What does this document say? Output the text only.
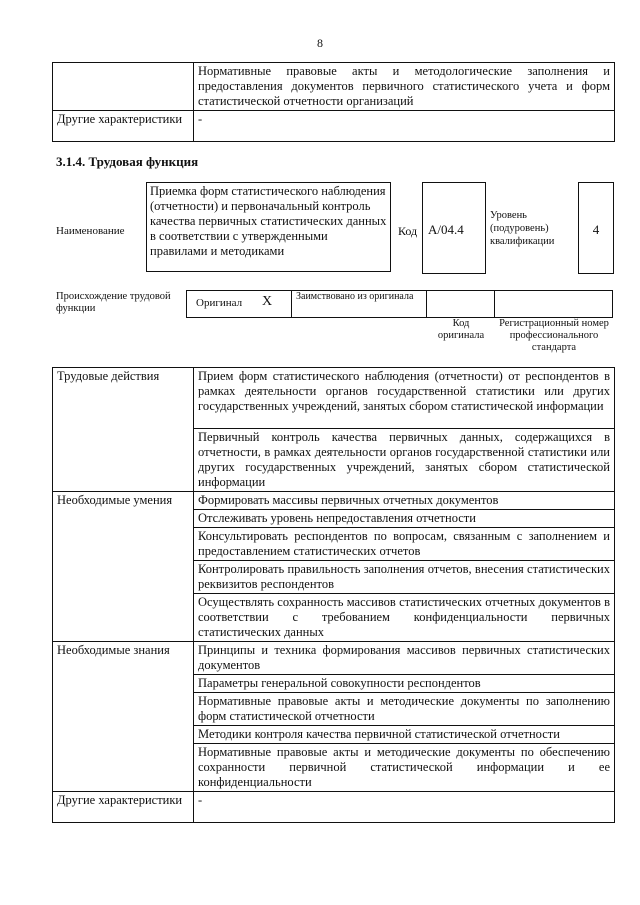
8
	Нормативные правовые акты и методологические заполнения и предоставления документов первичного статистического учета и форм статистической отчетности организаций
Другие характеристики	-
3.1.4. Трудовая функция
Наименование
Приемка форм статистического наблюдения (отчетности) и первоначальный контроль качества первичных статистических данных в соответствии с утвержденными правилами и методиками
Код A/04.4
Уровень (подуровень) квалификации
4
Происхождение трудовой функции	Оригинал X Заимствовано из оригинала
Код оригинала
Регистрационный номер профессионального стандарта
Трудовые действия	Прием форм статистического наблюдения (отчетности) от респондентов в рамках деятельности органов государственной статистики или других государственных учреждений, занятых сбором статистической информации
	Первичный контроль качества первичных данных, содержащихся в отчетности, в рамках деятельности органов государственной статистики или других государственных учреждений, занятых сбором статистической информации
Необходимые умения	Формировать массивы первичных отчетных документов
	Отслеживать уровень непредоставления отчетности
	Консультировать респондентов по вопросам, связанным с заполнением и предоставлением статистических отчетов
	Контролировать правильность заполнения отчетов, внесения статистических реквизитов респондентов
	Осуществлять сохранность массивов статистических отчетных документов в соответствии с требованием конфиденциальности первичных статистических данных
Необходимые знания	Принципы и техника формирования массивов первичных статистических документов
	Параметры генеральной совокупности респондентов
	Нормативные правовые акты и методические документы по заполнению форм статистической отчетности
	Методики контроля качества первичной статистической отчетности
	Нормативные правовые акты и методические документы по обеспечению сохранности первичной статистической информации и ее конфиденциальности
Другие характеристики	-
